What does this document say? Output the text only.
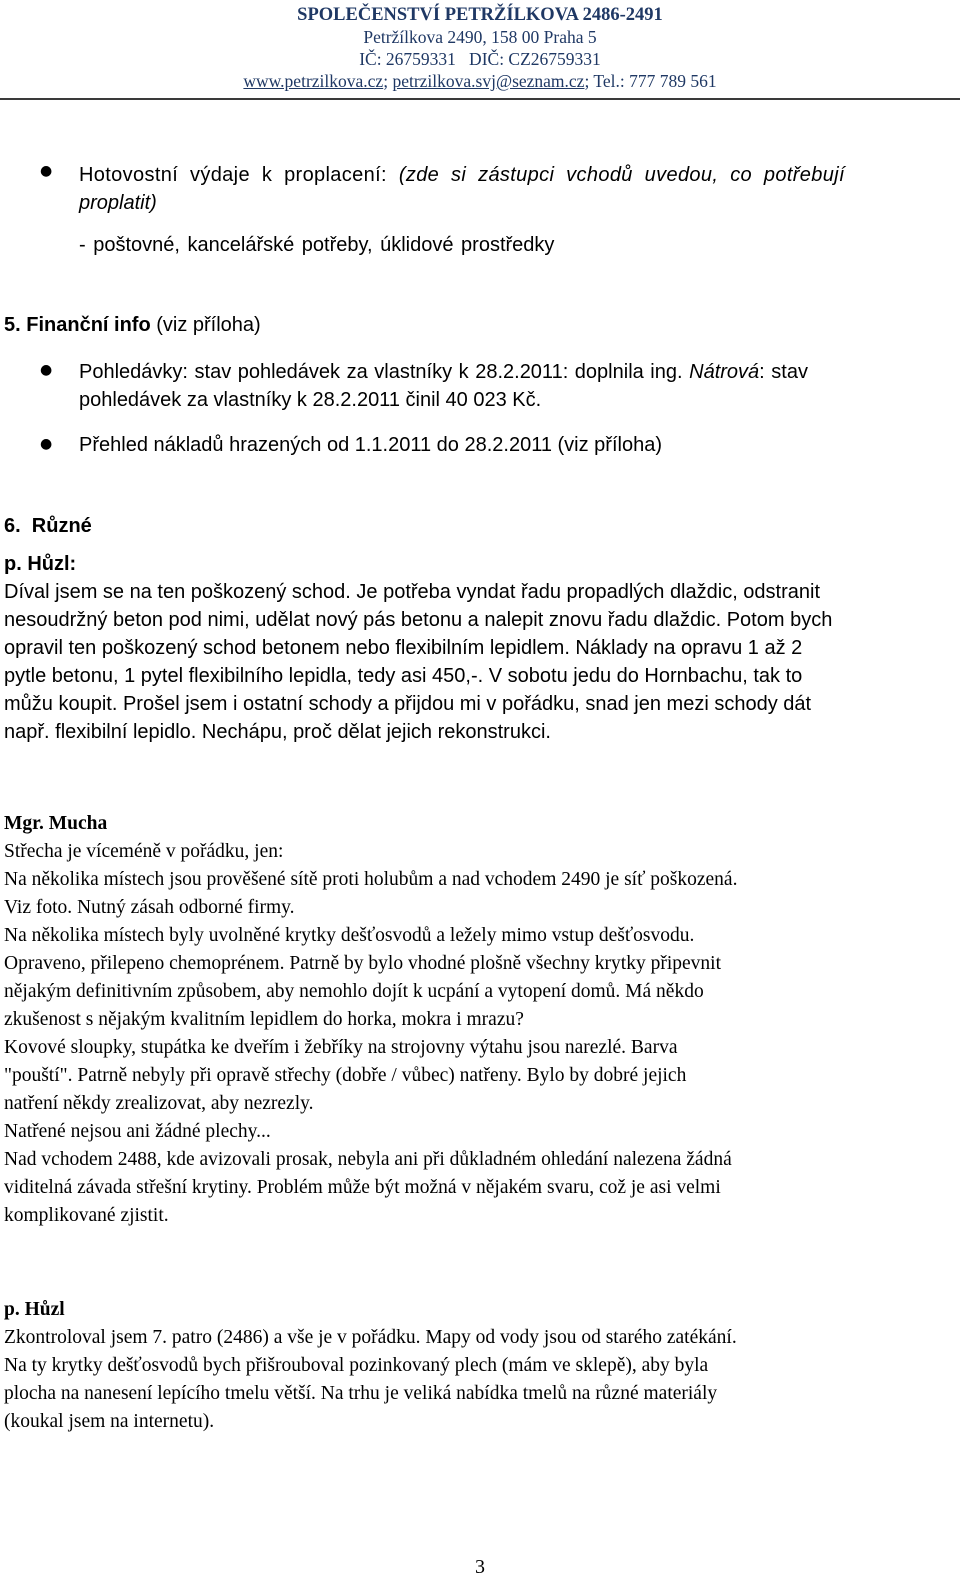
SPOLEČENSTVÍ PETRŽÍLKOVA 2486-2491
Petržílkova 2490, 158 00 Praha 5
IČ: 26759331   DIČ: CZ26759331
www.petrzilkova.cz; petrzilkova.svj@seznam.cz; Tel.: 777 789 561
● Hotovostní výdaje k proplacení: (zde si zástupci vchodů uvedou, co potřebují
proplatit)
- poštovné, kancelářské potřeby, úklidové prostředky
5. Finanční info (viz příloha)
● Pohledávky: stav pohledávek za vlastníky k 28.2.2011: doplnila ing. Nátrová: stav
pohledávek za vlastníky k 28.2.2011 činil 40 023 Kč.
● Přehled nákladů hrazených od 1.1.2011 do 28.2.2011 (viz příloha)
6.  Různé
p. Hůzl:
Díval jsem se na ten poškozený schod. Je potřeba vyndat řadu propadlých dlaždic, odstranit
nesoudržný beton pod nimi, udělat nový pás betonu a nalepit znovu řadu dlaždic. Potom bych
opravil ten poškozený schod betonem nebo flexibilním lepidlem. Náklady na opravu 1 až 2
pytle betonu, 1 pytel flexibilního lepidla, tedy asi 450,-. V sobotu jedu do Hornbachu, tak to
můžu koupit. Prošel jsem i ostatní schody a přijdou mi v pořádku, snad jen mezi schody dát
např. flexibilní lepidlo. Nechápu, proč dělat jejich rekonstrukci.
Mgr. Mucha
Střecha je víceméně v pořádku, jen:
Na několika místech jsou prověšené sítě proti holubům a nad vchodem 2490 je síť poškozená.
Viz foto. Nutný zásah odborné firmy.
Na několika místech byly uvolněné krytky dešťosvodů a ležely mimo vstup dešťosvodu.
Opraveno, přilepeno chemoprénem. Patrně by bylo vhodné plošně všechny krytky připevnit
nějakým definitivním způsobem, aby nemohlo dojít k ucpání a vytopení domů. Má někdo
zkušenost s nějakým kvalitním lepidlem do horka, mokra i mrazu?
Kovové sloupky, stupátka ke dveřím i žebříky na strojovny výtahu jsou narezlé. Barva
"pouští". Patrně nebyly při opravě střechy (dobře / vůbec) natřeny. Bylo by dobré jejich
natření někdy zrealizovat, aby nezrezly.
Natřené nejsou ani žádné plechy...
Nad vchodem 2488, kde avizovali prosak, nebyla ani při důkladném ohledání nalezena žádná
viditelná závada střešní krytiny. Problém může být možná v nějakém svaru, což je asi velmi
komplikované zjistit.
p. Hůzl
Zkontroloval jsem 7. patro (2486) a vše je v pořádku. Mapy od vody jsou od starého zatékání.
Na ty krytky dešťosvodů bych přišrouboval pozinkovaný plech (mám ve sklepě), aby byla
plocha na nanesení lepícího tmelu větší. Na trhu je veliká nabídka tmelů na různé materiály
(koukal jsem na internetu).
3
